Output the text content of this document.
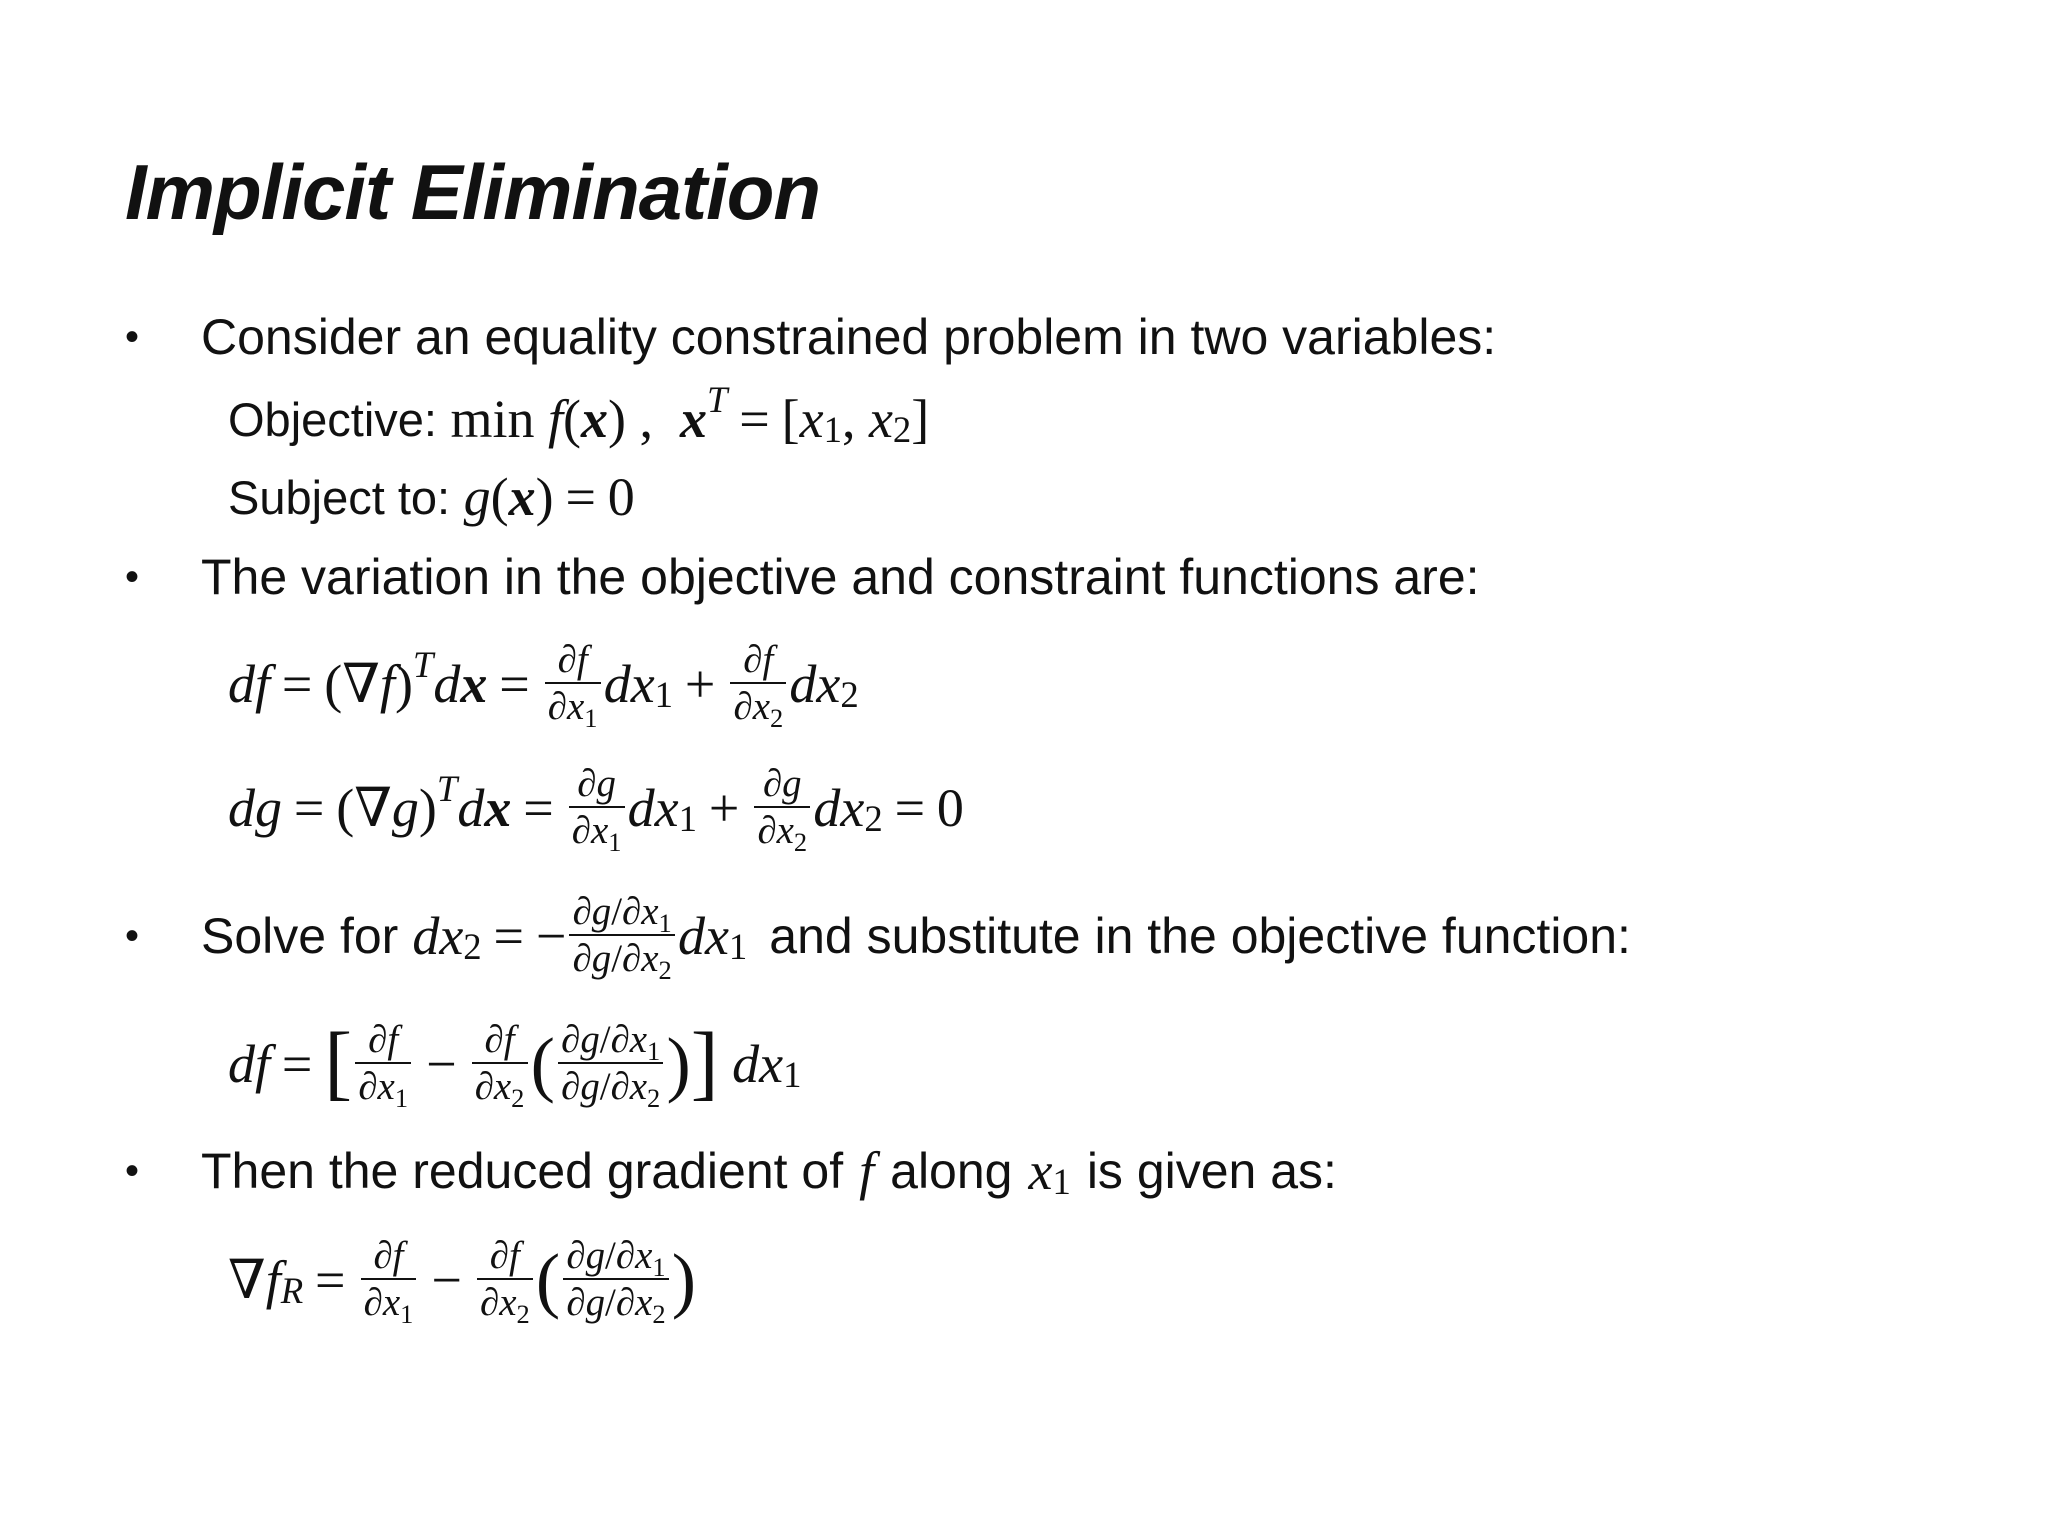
Implicit Elimination
•	Consider an equality constrained problem in two variables:
Objective: min f ( x ) , x T = [ x 1 , x 2 ]
Subject to:
g ( x ) = 0
•	The variation in the objective and constraint functions are:
df = (∇ f ) T d $x = \frac{\partial f}{\partial x_1}$ dx $1 + \frac{\partial f}{\partial x_2}$ dx 2
dg = (∇ g ) T d $x = \frac{\partial g}{\partial x_1}$ dx $1 + \frac{\partial g}{\partial x_2}$ dx 2 = 0
•	Solve for dx 2 = − $\frac{\partial g/\partial x_1}{\partial g/\partial x_2}$ dx 1 and substitute in the objective function:
df = [ $\frac{\partial f}{\partial x_1} - \frac{\partial f}{\partial x_2}$ ( $\frac{\partial g/\partial x_1}{\partial g/\partial x_2}$ ) ]
dx 1
•	Then the reduced gradient of f along x 1 is given as:
∇ f $R = \frac{\partial f}{\partial x_1} - \frac{\partial f}{\partial x_2}$ ( $\frac{\partial g/\partial x_1}{\partial g/\partial x_2}$ )
